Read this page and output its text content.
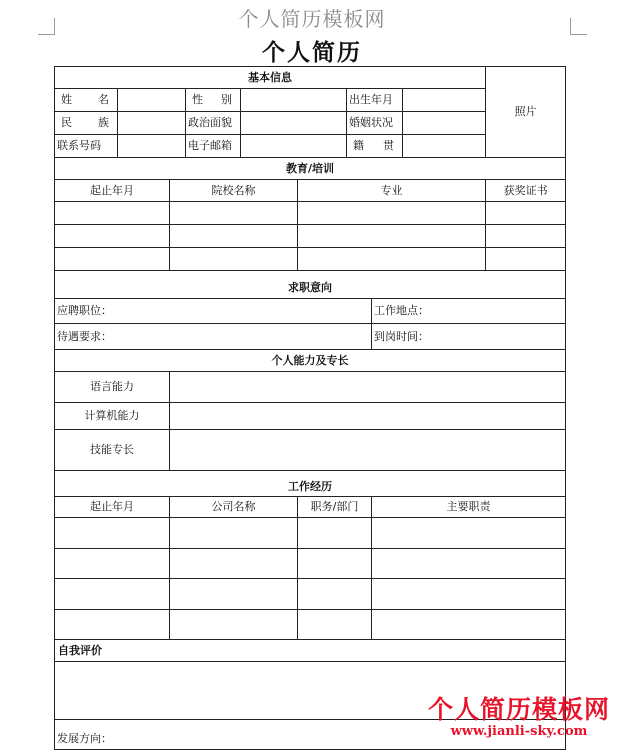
个人简历模板网
个人简历
基本信息									照片

姓 名			性 别			出生年月			

民 族			政治面貌			婚姻状况			
联系号码			电子邮箱			籍 贯			

教育/培训									
起止年月		院校名称			专业				获奖证书

求职意向									
应聘职位：							工作地点：		
待遇要求：							到岗时间：		
个人能力及专长									
语言能力									
计算机能力									
技能专长									
工作经历									
起止年月		公司名称			职务/部门		主要职责		

自我评价									

发展方向：									
个人简历模板网
www.jianli-sky.com
